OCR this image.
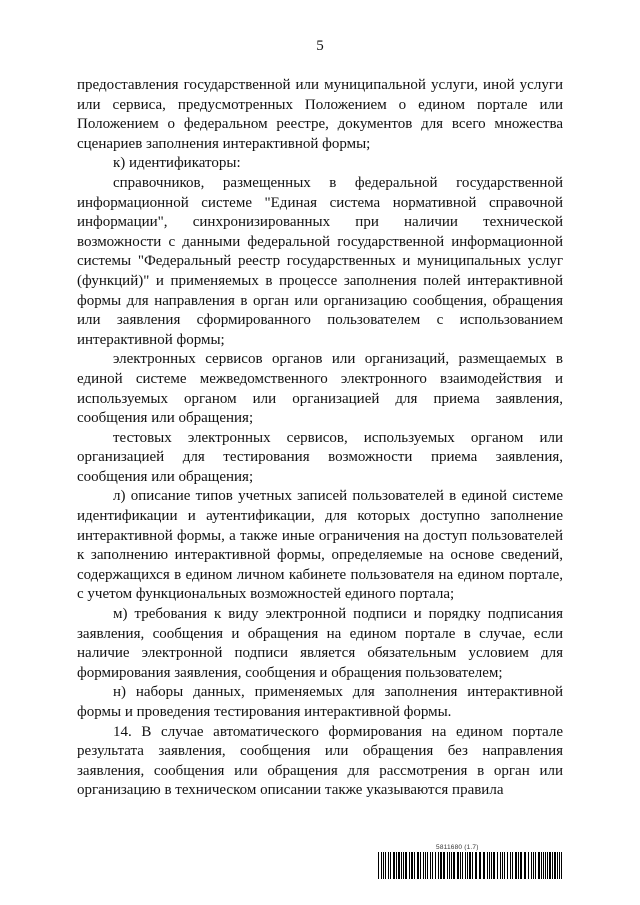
5

предоставления государственной или муниципальной услуги, иной услуги или сервиса, предусмотренных Положением о едином портале или Положением о федеральном реестре, документов для всего множества сценариев заполнения интерактивной формы;

к) идентификаторы:

справочников, размещенных в федеральной государственной информационной системе "Единая система нормативной справочной информации", синхронизированных при наличии технической возможности с данными федеральной государственной информационной системы "Федеральный реестр государственных и муниципальных услуг (функций)" и применяемых в процессе заполнения полей интерактивной формы для направления в орган или организацию сообщения, обращения или заявления сформированного пользователем с использованием интерактивной формы;

электронных сервисов органов или организаций, размещаемых в единой системе межведомственного электронного взаимодействия и используемых органом или организацией для приема заявления, сообщения или обращения;

тестовых электронных сервисов, используемых органом или организацией для тестирования возможности приема заявления, сообщения или обращения;

л) описание типов учетных записей пользователей в единой системе идентификации и аутентификации, для которых доступно заполнение интерактивной формы, а также иные ограничения на доступ пользователей к заполнению интерактивной формы, определяемые на основе сведений, содержащихся в едином личном кабинете пользователя на едином портале, с учетом функциональных возможностей единого портала;

м) требования к виду электронной подписи и порядку подписания заявления, сообщения и обращения на едином портале в случае, если наличие электронной подписи является обязательным условием для формирования заявления, сообщения и обращения пользователем;

н) наборы данных, применяемых для заполнения интерактивной формы и проведения тестирования интерактивной формы.

14. В случае автоматического формирования на едином портале результата заявления, сообщения или обращения без направления заявления, сообщения или обращения для рассмотрения в орган или организацию в техническом описании также указываются правила

5811680 (1.7)
